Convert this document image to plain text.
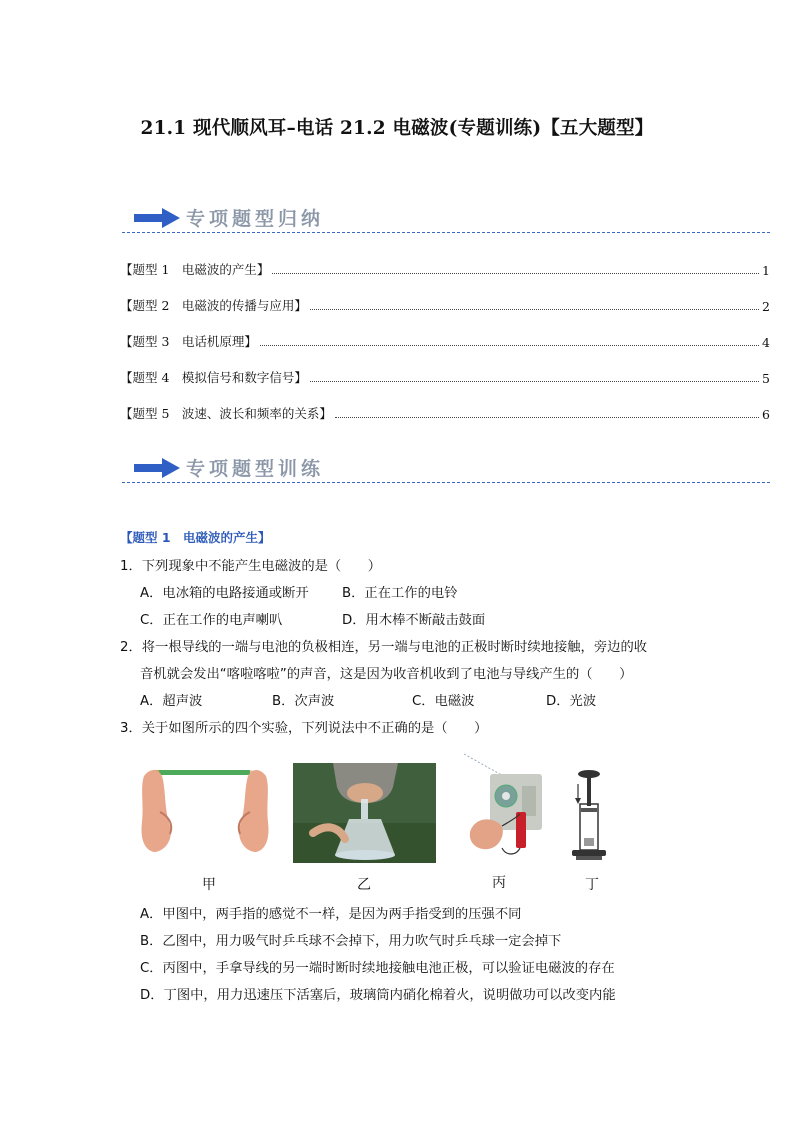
21.1 现代顺风耳–电话 21.2 电磁波(专题训练)【五大题型】
专项题型归纳
【题型 1　电磁波的产生】	1
【题型 2　电磁波的传播与应用】	2
【题型 3　电话机原理】	4
【题型 4　模拟信号和数字信号】	5
【题型 5　波速、波长和频率的关系】	6
专项题型训练
【题型 1　电磁波的产生】
1．下列现象中不能产生电磁波的是（　　）
A．电冰箱的电路接通或断开	B．正在工作的电铃
C．正在工作的电声喇叭	D．用木棒不断敲击鼓面
2．将一根导线的一端与电池的负极相连，另一端与电池的正极时断时续地接触，旁边的收
音机就会发出“喀啦喀啦”的声音，这是因为收音机收到了电池与导线产生的（　　）
A．超声波	B．次声波	C．电磁波	D．光波
3．关于如图所示的四个实验，下列说法中不正确的是（　　）
甲	乙	丙	丁
A．甲图中，两手指的感觉不一样，是因为两手指受到的压强不同
B．乙图中，用力吸气时乒乓球不会掉下，用力吹气时乒乓球一定会掉下
C．丙图中，手拿导线的另一端时断时续地接触电池正极，可以验证电磁波的存在
D．丁图中，用力迅速压下活塞后，玻璃筒内硝化棉着火，说明做功可以改变内能
